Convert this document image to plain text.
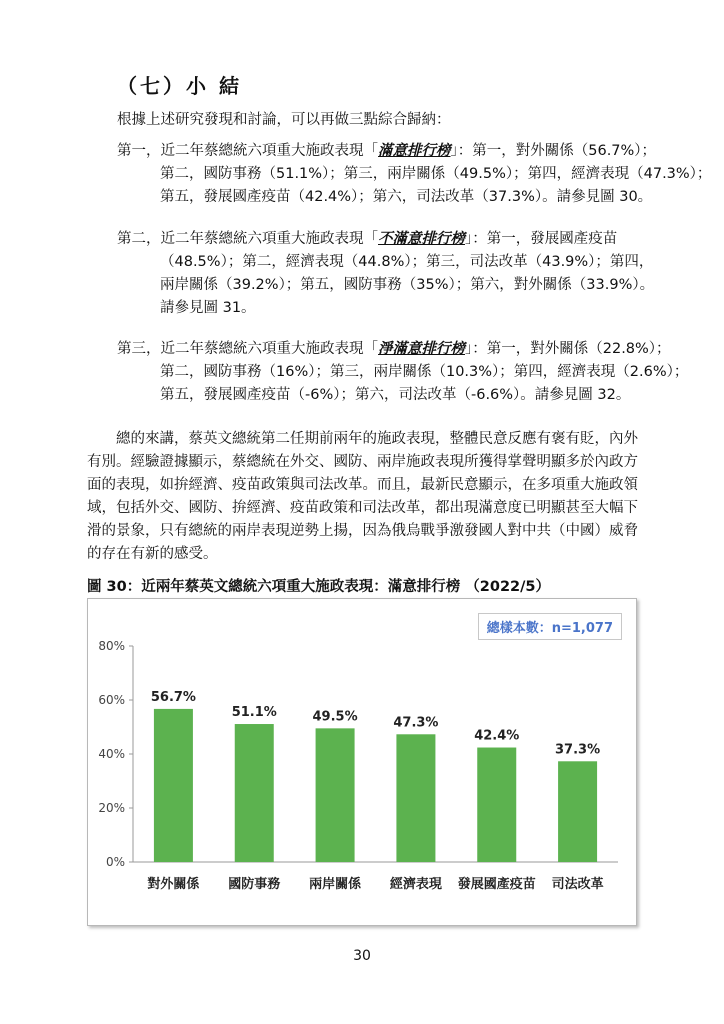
（七）小 結
根據上述研究發現和討論，可以再做三點綜合歸納：
第一，近二年蔡總統六項重大施政表現「滿意排行榜」：第一，對外關係（56.7%）；
第二，國防事務（51.1%）；第三，兩岸關係（49.5%）；第四，經濟表現（47.3%）；
第五，發展國產疫苗（42.4%）；第六，司法改革（37.3%）。請參見圖 30。
第二，近二年蔡總統六項重大施政表現「不滿意排行榜」：第一，發展國產疫苗
（48.5%）；第二，經濟表現（44.8%）；第三，司法改革（43.9%）；第四，
兩岸關係（39.2%）；第五，國防事務（35%）；第六，對外關係（33.9%）。
請參見圖 31。
第三，近二年蔡總統六項重大施政表現「淨滿意排行榜」：第一，對外關係（22.8%）；
第二，國防事務（16%）；第三，兩岸關係（10.3%）；第四，經濟表現（2.6%）；
第五，發展國產疫苗（-6%）；第六，司法改革（-6.6%）。請參見圖 32。
總的來講，蔡英文總統第二任期前兩年的施政表現，整體民意反應有褒有貶，內外
有別。經驗證據顯示，蔡總統在外交、國防、兩岸施政表現所獲得掌聲明顯多於內政方
面的表現，如拚經濟、疫苗政策與司法改革。而且，最新民意顯示，在多項重大施政領
域，包括外交、國防、拚經濟、疫苗政策和司法改革，都出現滿意度已明顯甚至大幅下
滑的景象，只有總統的兩岸表現逆勢上揚，因為俄烏戰爭激發國人對中共（中國）威脅
的存在有新的感受。
圖 30：近兩年蔡英文總統六項重大施政表現：滿意排行榜 （2022/5）
0%
20%
40%
60%
80%
56.7%
對外關係
51.1%
國防事務
49.5%
兩岸關係
47.3%
經濟表現
42.4%
發展國產疫苗
37.3%
司法改革
總樣本數：n=1,077
30
